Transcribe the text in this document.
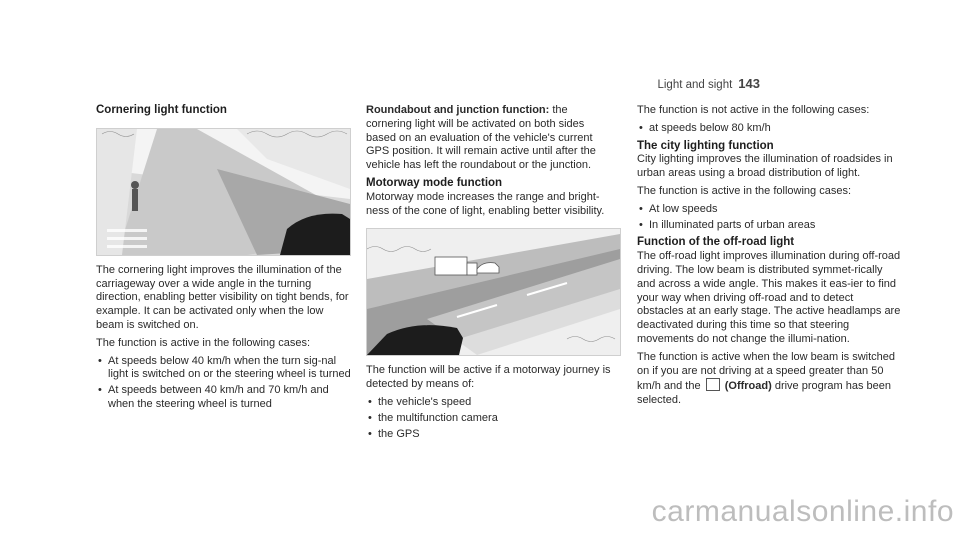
Light and sight 143
Cornering light function

The cornering light improves the illumination of the carriageway over a wide angle in the turning direction, enabling better visibility on tight bends, for example. It can be activated only when the low beam is switched on.

The function is active in the following cases:

• At speeds below 40 km/h when the turn sig-nal light is switched on or the steering wheel is turned
• At speeds between 40 km/h and 70 km/h and when the steering wheel is turned

Roundabout and junction function: the cornering light will be activated on both sides based on an evaluation of the vehicle's current GPS position. It will remain active until after the vehicle has left the roundabout or the junction.

Motorway mode function

Motorway mode increases the range and bright-ness of the cone of light, enabling better visibility.

The function will be active if a motorway journey is detected by means of:

• the vehicle's speed
• the multifunction camera
• the GPS

The function is not active in the following cases:

• at speeds below 80 km/h
The city lighting function

City lighting improves the illumination of roadsides in urban areas using a broad distribution of light.

The function is active in the following cases:

• At low speeds
• In illuminated parts of urban areas
Function of the off-road light

The off-road light improves illumination during off-road driving. The low beam is distributed symmet-rically and across a wide angle. This makes it eas-ier to find your way when driving off-road and to detect obstacles at an early stage. The active headlamps are deactivated during this time so that steering movements do not change the illumi-nation.

The function is active when the low beam is switched on if you are not driving at a speed greater than 50 km/h and the (Offroad) drive program has been selected.

carmanualsonline.info
